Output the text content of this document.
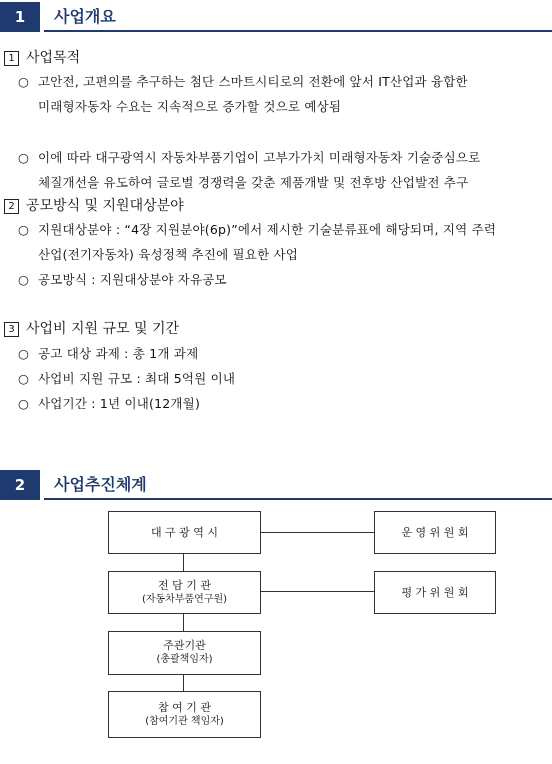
1	사업개요
1 사업목적
○ 고안전, 고편의를 추구하는 첨단 스마트시티로의 전환에 앞서 IT산업과 융합한
미래형자동차 수요는 지속적으로 증가할 것으로 예상됨
○ 이에 따라 대구광역시 자동차부품기업이 고부가가치 미래형자동차 기술중심으로
체질개선을 유도하여 글로벌 경쟁력을 갖춘 제품개발 및 전후방 산업발전 추구
2 공모방식 및 지원대상분야
○ 지원대상분야 : “4장 지원분야(6p)”에서 제시한 기술분류표에 해당되며, 지역 주력
산업(전기자동차) 육성정책 추진에 필요한 사업
○ 공모방식 : 지원대상분야 자유공모
3 사업비 지원 규모 및 기간
○ 공고 대상 과제 : 총 1개 과제
○ 사업비 지원 규모 : 최대 5억원 이내
○ 사업기간 : 1년 이내(12개월)
2	사업추진체계
대 구 광 역 시	운 영 위 원 회
전 담 기 관
(자동차부품연구원)
평 가 위 원 회
주관기관
(총괄책임자)
참 여 기 관
(참여기관 책임자)
